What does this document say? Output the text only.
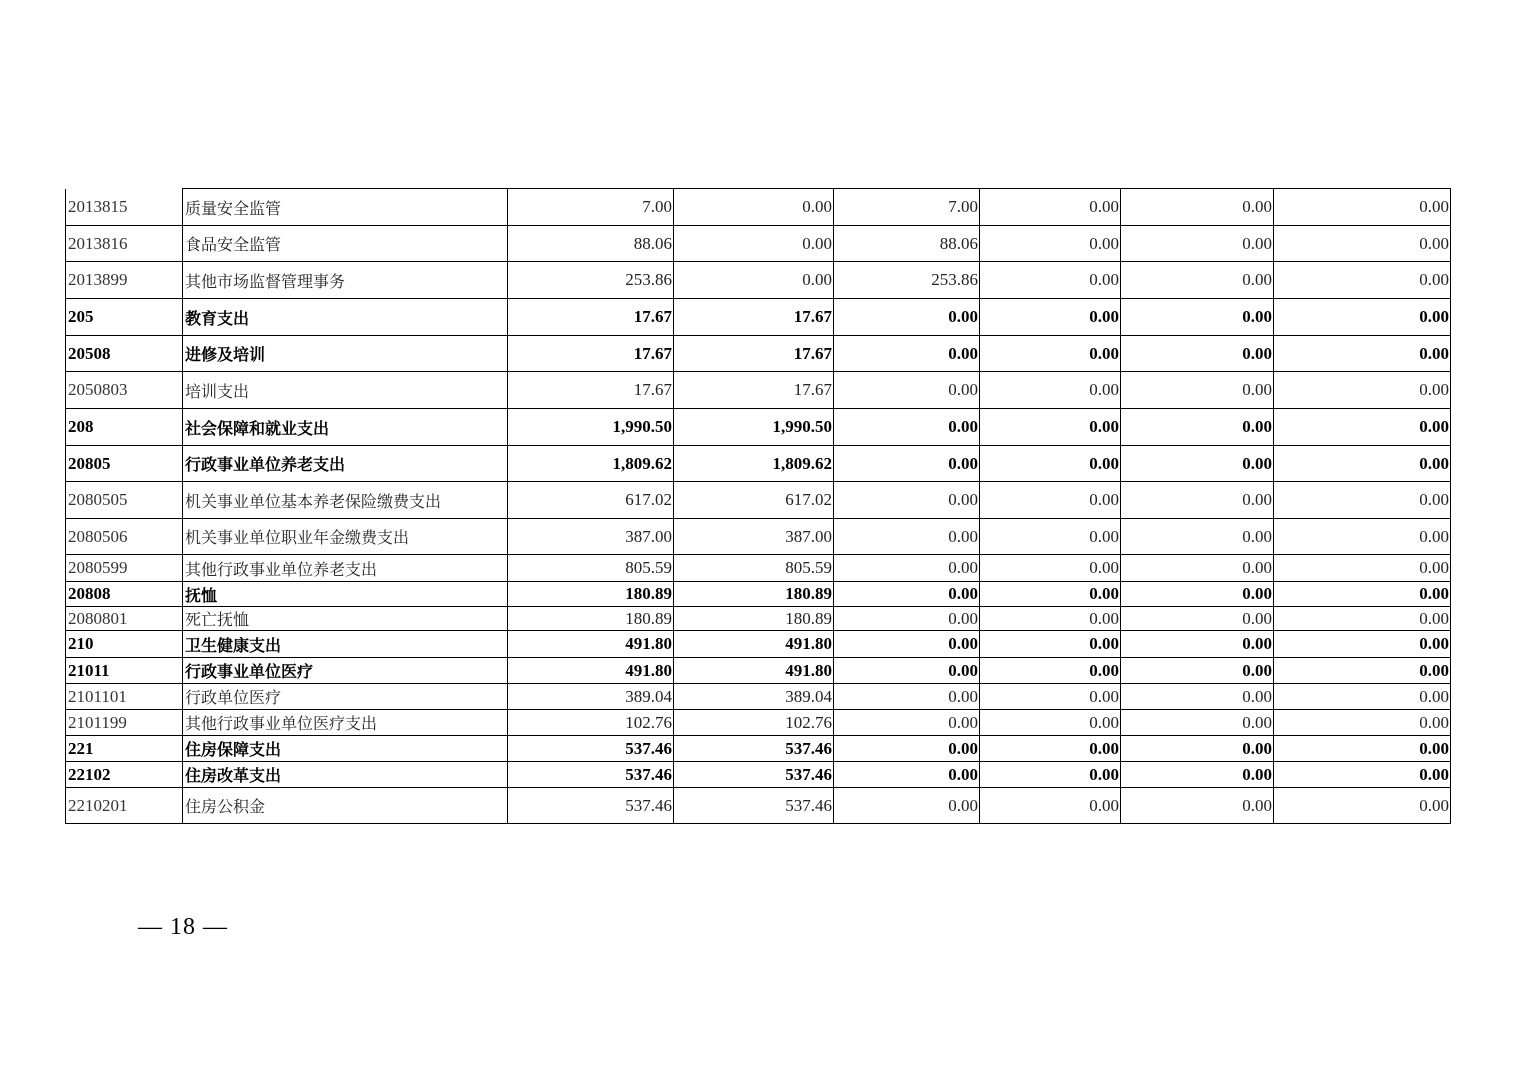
2013815	质量安全监管	7.00	0.00	7.00	0.00	0.00	0.00
2013816	食品安全监管	88.06	0.00	88.06	0.00	0.00	0.00
2013899	其他市场监督管理事务	253.86	0.00	253.86	0.00	0.00	0.00
205	教育支出	17.67	17.67	0.00	0.00	0.00	0.00
20508	进修及培训	17.67	17.67	0.00	0.00	0.00	0.00
2050803	培训支出	17.67	17.67	0.00	0.00	0.00	0.00
208	社会保障和就业支出	1,990.50	1,990.50	0.00	0.00	0.00	0.00
20805	行政事业单位养老支出	1,809.62	1,809.62	0.00	0.00	0.00	0.00
2080505	机关事业单位基本养老保险缴费支出	617.02	617.02	0.00	0.00	0.00	0.00
2080506	机关事业单位职业年金缴费支出	387.00	387.00	0.00	0.00	0.00	0.00
2080599	其他行政事业单位养老支出	805.59	805.59	0.00	0.00	0.00	0.00
20808	抚恤	180.89	180.89	0.00	0.00	0.00	0.00
2080801	死亡抚恤	180.89	180.89	0.00	0.00	0.00	0.00
210	卫生健康支出	491.80	491.80	0.00	0.00	0.00	0.00
21011	行政事业单位医疗	491.80	491.80	0.00	0.00	0.00	0.00
2101101	行政单位医疗	389.04	389.04	0.00	0.00	0.00	0.00
2101199	其他行政事业单位医疗支出	102.76	102.76	0.00	0.00	0.00	0.00
221	住房保障支出	537.46	537.46	0.00	0.00	0.00	0.00
22102	住房改革支出	537.46	537.46	0.00	0.00	0.00	0.00
2210201	住房公积金	537.46	537.46	0.00	0.00	0.00	0.00
— 18 —
